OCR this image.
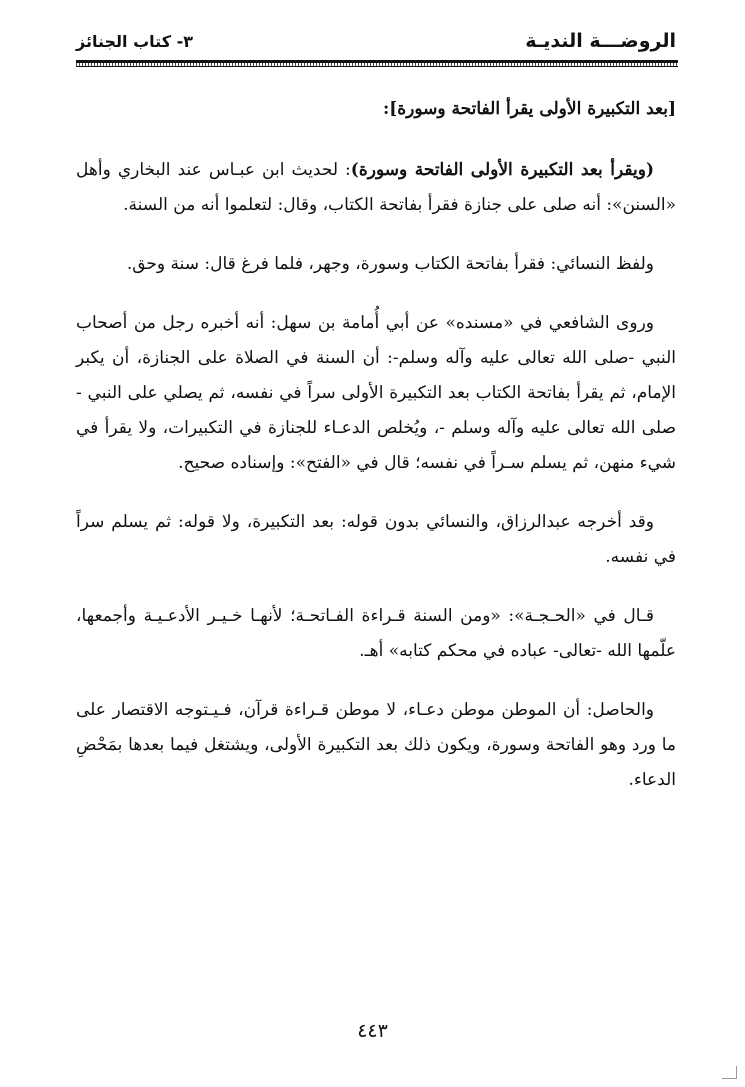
الروضـــة النديـة
٣- كتاب الجنائز

[بعد التكبيرة الأولى يقرأ الفاتحة وسورة]:

(ويقرأ بعد التكبيرة الأولى الفاتحة وسورة): لحديث ابن عبـاس عند البخاري وأهل «السنن»: أنه صلى على جنازة فقرأ بفاتحة الكتاب، وقال: لتعلموا أنه من السنة.

ولفظ النسائي: فقرأ بفاتحة الكتاب وسورة، وجهر، فلما فرغ قال: سنة وحق.

وروى الشافعي في «مسنده» عن أبي أُمامة بن سهل: أنه أخبره رجل من أصحاب النبي -صلى الله تعالى عليه وآله وسلم-: أن السنة في الصلاة على الجنازة، أن يكبر الإمام، ثم يقرأ بفاتحة الكتاب بعد التكبيرة الأولى سراً في نفسه، ثم يصلي على النبي - صلى الله تعالى عليه وآله وسلم -، ويُخلص الدعـاء للجنازة في التكبيرات، ولا يقرأ في شيء منهن، ثم يسلم سـراً في نفسه؛ قال في «الفتح»: وإسناده صحيح.

وقد أخرجه عبدالرزاق، والنسائي بدون قوله: بعد التكبيرة، ولا قوله: ثم يسلم سراً في نفسه.

قـال في «الحـجـة»: «ومن السنة قـراءة الفـاتحـة؛ لأنهـا خـيـر الأدعـيـة وأجمعها، علّمها الله -تعالى- عباده في محكم كتابه» أهـ.

والحاصل: أن الموطن موطن دعـاء، لا موطن قـراءة قرآن، فـيـتوجه الاقتصار على ما ورد وهو الفاتحة وسورة، ويكون ذلك بعد التكبيرة الأولى، ويشتغل فيما بعدها بمَحْضِ الدعاء.

٤٤٣
